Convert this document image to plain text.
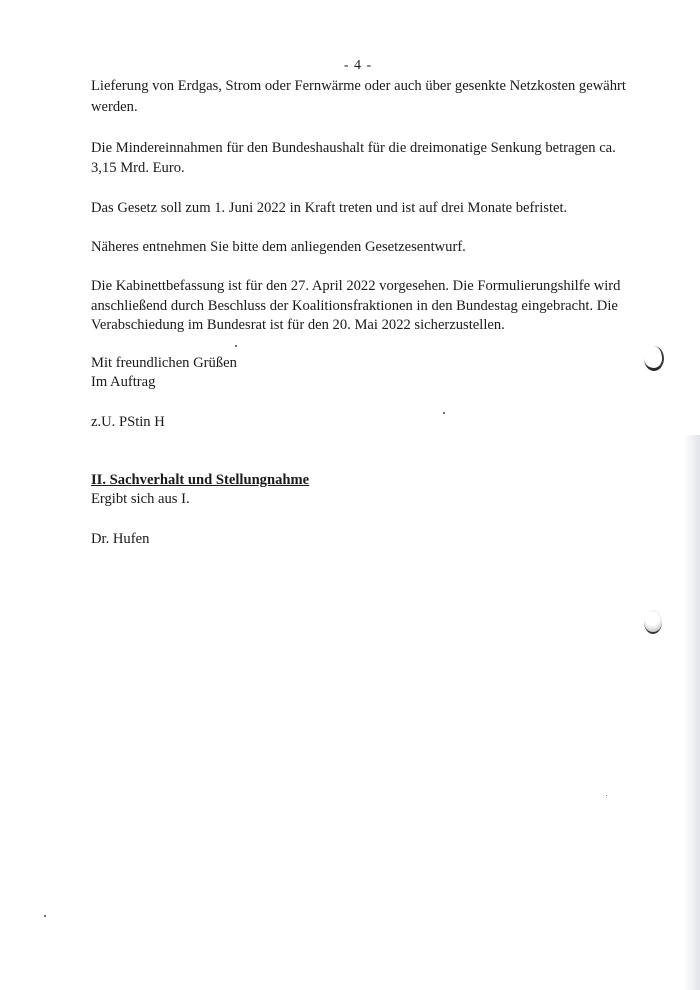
- 4 -
Lieferung von Erdgas, Strom oder Fernwärme oder auch über gesenkte Netzkosten gewährt
werden.
Die Mindereinnahmen für den Bundeshaushalt für die dreimonatige Senkung betragen ca.
3,15 Mrd. Euro.
Das Gesetz soll zum 1. Juni 2022 in Kraft treten und ist auf drei Monate befristet.
Näheres entnehmen Sie bitte dem anliegenden Gesetzesentwurf.
Die Kabinettbefassung ist für den 27. April 2022 vorgesehen. Die Formulierungshilfe wird
anschließend durch Beschluss der Koalitionsfraktionen in den Bundestag eingebracht. Die
Verabschiedung im Bundesrat ist für den 20. Mai 2022 sicherzustellen.
Mit freundlichen Grüßen
Im Auftrag
z.U. PStin H
II. Sachverhalt und Stellungnahme
Ergibt sich aus I.
Dr. Hufen
